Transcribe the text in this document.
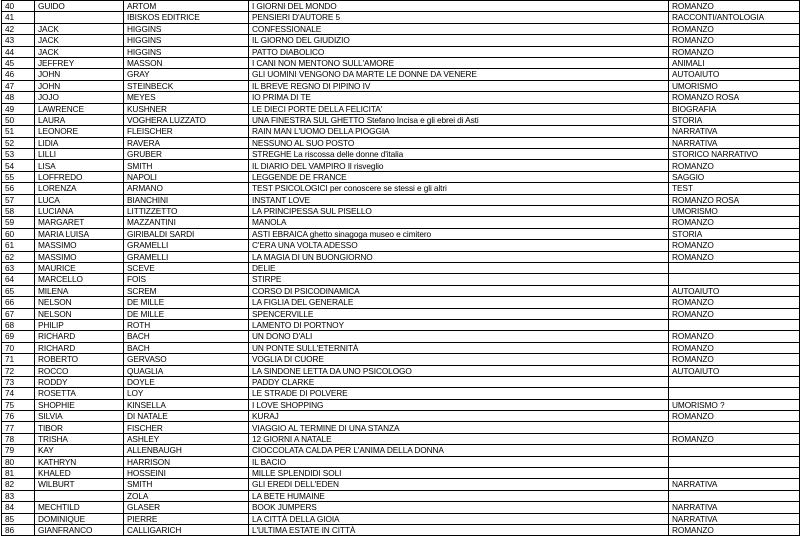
40	GUIDO	ARTOM	I GIORNI DEL MONDO	ROMANZO
41		IBISKOS EDITRICE	PENSIERI D'AUTORE 5	RACCONTI/ANTOLOGIA
42	JACK	HIGGINS	CONFESSIONALE	ROMANZO
43	JACK	HIGGINS	IL GIORNO DEL GIUDIZIO	ROMANZO
44	JACK	HIGGINS	PATTO DIABOLICO	ROMANZO
45	JEFFREY	MASSON	I CANI NON MENTONO SULL'AMORE	ANIMALI
46	JOHN	GRAY	GLI UOMINI VENGONO DA MARTE LE DONNE DA VENERE	AUTOAIUTO
47	JOHN	STEINBECK	IL BREVE REGNO DI PIPINO IV	UMORISMO
48	JOJO	MEYES	IO PRIMA DI TE	ROMANZO ROSA
49	LAWRENCE	KUSHNER	LE DIECI PORTE DELLA FELICITA'	BIOGRAFIA
50	LAURA	VOGHERA LUZZATO	UNA FINESTRA SUL GHETTO Stefano Incisa e gli ebrei di Asti	STORIA
51	LEONORE	FLEISCHER	RAIN MAN L'UOMO DELLA PIOGGIA	NARRATIVA
52	LIDIA	RAVERA	NESSUNO AL SUO POSTO	NARRATIVA
53	LILLI	GRUBER	STREGHE La riscossa delle donne d'italia	STORICO NARRATIVO
54	LISA	SMITH	IL DIARIO DEL VAMPIRO Il risveglio	ROMANZO
55	LOFFREDO	NAPOLI	LEGGENDE DE FRANCE	SAGGIO
56	LORENZA	ARMANO	TEST PSICOLOGICI per conoscere se stessi e gli altri	TEST
57	LUCA	BIANCHINI	INSTANT LOVE	ROMANZO ROSA
58	LUCIANA	LITTIZZETTO	LA PRINCIPESSA SUL PISELLO	UMORISMO
59	MARGARET	MAZZANTINI	MANOLA	ROMANZO
60	MARIA LUISA	GIRIBALDI SARDI	ASTI EBRAICA ghetto sinagoga museo e cimitero	STORIA
61	MASSIMO	GRAMELLI	C'ERA UNA VOLTA ADESSO	ROMANZO
62	MASSIMO	GRAMELLI	LA MAGIA DI UN BUONGIORNO	ROMANZO
63	MAURICE	SCEVE	DELIE	
64	MARCELLO	FOIS	STIRPE	
65	MILENA	SCREM	CORSO DI PSICODINAMICA	AUTOAIUTO
66	NELSON	DE MILLE	LA FIGLIA DEL GENERALE	ROMANZO
67	NELSON	DE MILLE	SPENCERVILLE	ROMANZO
68	PHILIP	ROTH	LAMENTO DI PORTNOY	
69	RICHARD	BACH	UN DONO D'ALI	ROMANZO
70	RICHARD	BACH	UN PONTE SULL'ETERNITÀ	ROMANZO
71	ROBERTO	GERVASO	VOGLIA DI CUORE	ROMANZO
72	ROCCO	QUAGLIA	LA SINDONE LETTA DA UNO PSICOLOGO	AUTOAIUTO
73	RODDY	DOYLE	PADDY CLARKE	
74	ROSETTA	LOY	LE STRADE DI POLVERE	
75	SHOPHIE	KINSELLA	I LOVE SHOPPING	UMORISMO ?
76	SILVIA	DI NATALE	KURAJ	ROMANZO
77	TIBOR	FISCHER	VIAGGIO AL TERMINE DI UNA STANZA	
78	TRISHA	ASHLEY	12 GIORNI A NATALE	ROMANZO
79	KAY	ALLENBAUGH	CIOCCOLATA CALDA PER L'ANIMA DELLA DONNA	
80	KATHRYN	HARRISON	IL BACIO	
81	KHALED	HOSSEINI	MILLE SPLENDIDI SOLI	
82	WILBURT	SMITH	GLI EREDI DELL'EDEN	NARRATIVA
83		ZOLA	LA BETE HUMAINE	
84	MECHTILD	GLASER	BOOK JUMPERS	NARRATIVA
85	DOMINIQUE	PIERRE	LA CITTÀ DELLA GIOIA	NARRATIVA
86	GIANFRANCO	CALLIGARICH	L'ULTIMA ESTATE IN CITTÀ	ROMANZO
